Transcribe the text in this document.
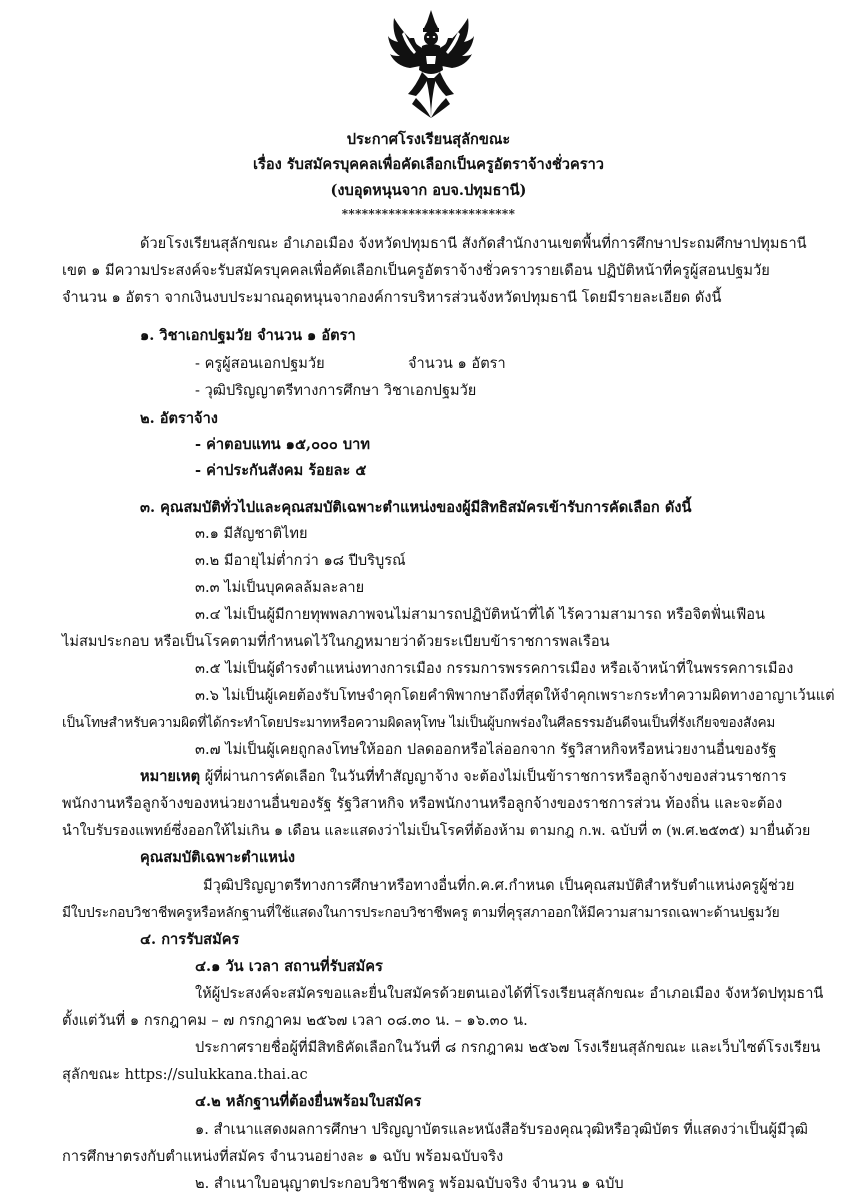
ประกาศโรงเรียนสุลักขณะ
เรื่อง รับสมัครบุคคลเพื่อคัดเลือกเป็นครูอัตราจ้างชั่วคราว
(งบอุดหนุนจาก อบจ.ปทุมธานี)
**************************
ด้วยโรงเรียนสุลักขณะ อำเภอเมือง จังหวัดปทุมธานี สังกัดสำนักงานเขตพื้นที่การศึกษาประถมศึกษาปทุมธานี
เขต ๑ มีความประสงค์จะรับสมัครบุคคลเพื่อคัดเลือกเป็นครูอัตราจ้างชั่วคราวรายเดือน ปฏิบัติหน้าที่ครูผู้สอนปฐมวัย
จำนวน ๑ อัตรา จากเงินงบประมาณอุดหนุนจากองค์การบริหารส่วนจังหวัดปทุมธานี โดยมีรายละเอียด ดังนี้
๑. วิชาเอกปฐมวัย จำนวน ๑ อัตรา
- ครูผู้สอนเอกปฐมวัย	จำนวน ๑ อัตรา
- วุฒิปริญญาตรีทางการศึกษา วิชาเอกปฐมวัย
๒. อัตราจ้าง
- ค่าตอบแทน ๑๕,๐๐๐ บาท
- ค่าประกันสังคม ร้อยละ ๕
๓. คุณสมบัติทั่วไปและคุณสมบัติเฉพาะตำแหน่งของผู้มีสิทธิสมัครเข้ารับการคัดเลือก ดังนี้
๓.๑ มีสัญชาติไทย
๓.๒ มีอายุไม่ต่ำกว่า ๑๘ ปีบริบูรณ์
๓.๓ ไม่เป็นบุคคลล้มละลาย
๓.๔ ไม่เป็นผู้มีกายทุพพลภาพจนไม่สามารถปฏิบัติหน้าที่ได้ ไร้ความสามารถ หรือจิตฟั่นเฟือน
ไม่สมประกอบ หรือเป็นโรคตามที่กำหนดไว้ในกฎหมายว่าด้วยระเบียบข้าราชการพลเรือน
๓.๕ ไม่เป็นผู้ดำรงตำแหน่งทางการเมือง กรรมการพรรคการเมือง หรือเจ้าหน้าที่ในพรรคการเมือง
๓.๖ ไม่เป็นผู้เคยต้องรับโทษจำคุกโดยคำพิพากษาถึงที่สุดให้จำคุกเพราะกระทำความผิดทางอาญาเว้นแต่
เป็นโทษสำหรับความผิดที่ได้กระทำโดยประมาทหรือความผิดลหุโทษ ไม่เป็นผู้บกพร่องในศีลธรรมอันดีจนเป็นที่รังเกียจของสังคม
๓.๗ ไม่เป็นผู้เคยถูกลงโทษให้ออก ปลดออกหรือไล่ออกจาก รัฐวิสาหกิจหรือหน่วยงานอื่นของรัฐ
หมายเหตุ ผู้ที่ผ่านการคัดเลือก ในวันที่ทำสัญญาจ้าง จะต้องไม่เป็นข้าราชการหรือลูกจ้างของส่วนราชการ
พนักงานหรือลูกจ้างของหน่วยงานอื่นของรัฐ รัฐวิสาหกิจ หรือพนักงานหรือลูกจ้างของราชการส่วน ท้องถิ่น และจะต้อง
นำใบรับรองแพทย์ซึ่งออกให้ไม่เกิน ๑ เดือน และแสดงว่าไม่เป็นโรคที่ต้องห้าม ตามกฎ ก.พ. ฉบับที่ ๓ (พ.ศ.๒๕๓๕) มายื่นด้วย
คุณสมบัติเฉพาะตำแหน่ง
มีวุฒิปริญญาตรีทางการศึกษาหรือทางอื่นที่ก.ค.ศ.กำหนด เป็นคุณสมบัติสำหรับตำแหน่งครูผู้ช่วย
มีใบประกอบวิชาชีพครูหรือหลักฐานที่ใช้แสดงในการประกอบวิชาชีพครู ตามที่คุรุสภาออกให้มีความสามารถเฉพาะด้านปฐมวัย
๔. การรับสมัคร
๔.๑ วัน เวลา สถานที่รับสมัคร
ให้ผู้ประสงค์จะสมัครขอและยื่นใบสมัครด้วยตนเองได้ที่โรงเรียนสุลักขณะ อำเภอเมือง จังหวัดปทุมธานี
ตั้งแต่วันที่ ๑ กรกฎาคม – ๗ กรกฎาคม ๒๕๖๗ เวลา ๐๘.๓๐ น. – ๑๖.๓๐ น.
ประกาศรายชื่อผู้ที่มีสิทธิคัดเลือกในวันที่ ๘ กรกฎาคม ๒๕๖๗ โรงเรียนสุลักขณะ และเว็บไซต์โรงเรียน
สุลักขณะ https://sulukkana.thai.ac
๔.๒ หลักฐานที่ต้องยื่นพร้อมใบสมัคร
๑. สำเนาแสดงผลการศึกษา ปริญญาบัตรและหนังสือรับรองคุณวุฒิหรือวุฒิบัตร ที่แสดงว่าเป็นผู้มีวุฒิ
การศึกษาตรงกับตำแหน่งที่สมัคร จำนวนอย่างละ ๑ ฉบับ พร้อมฉบับจริง
๒. สำเนาใบอนุญาตประกอบวิชาชีพครู พร้อมฉบับจริง จำนวน ๑ ฉบับ
